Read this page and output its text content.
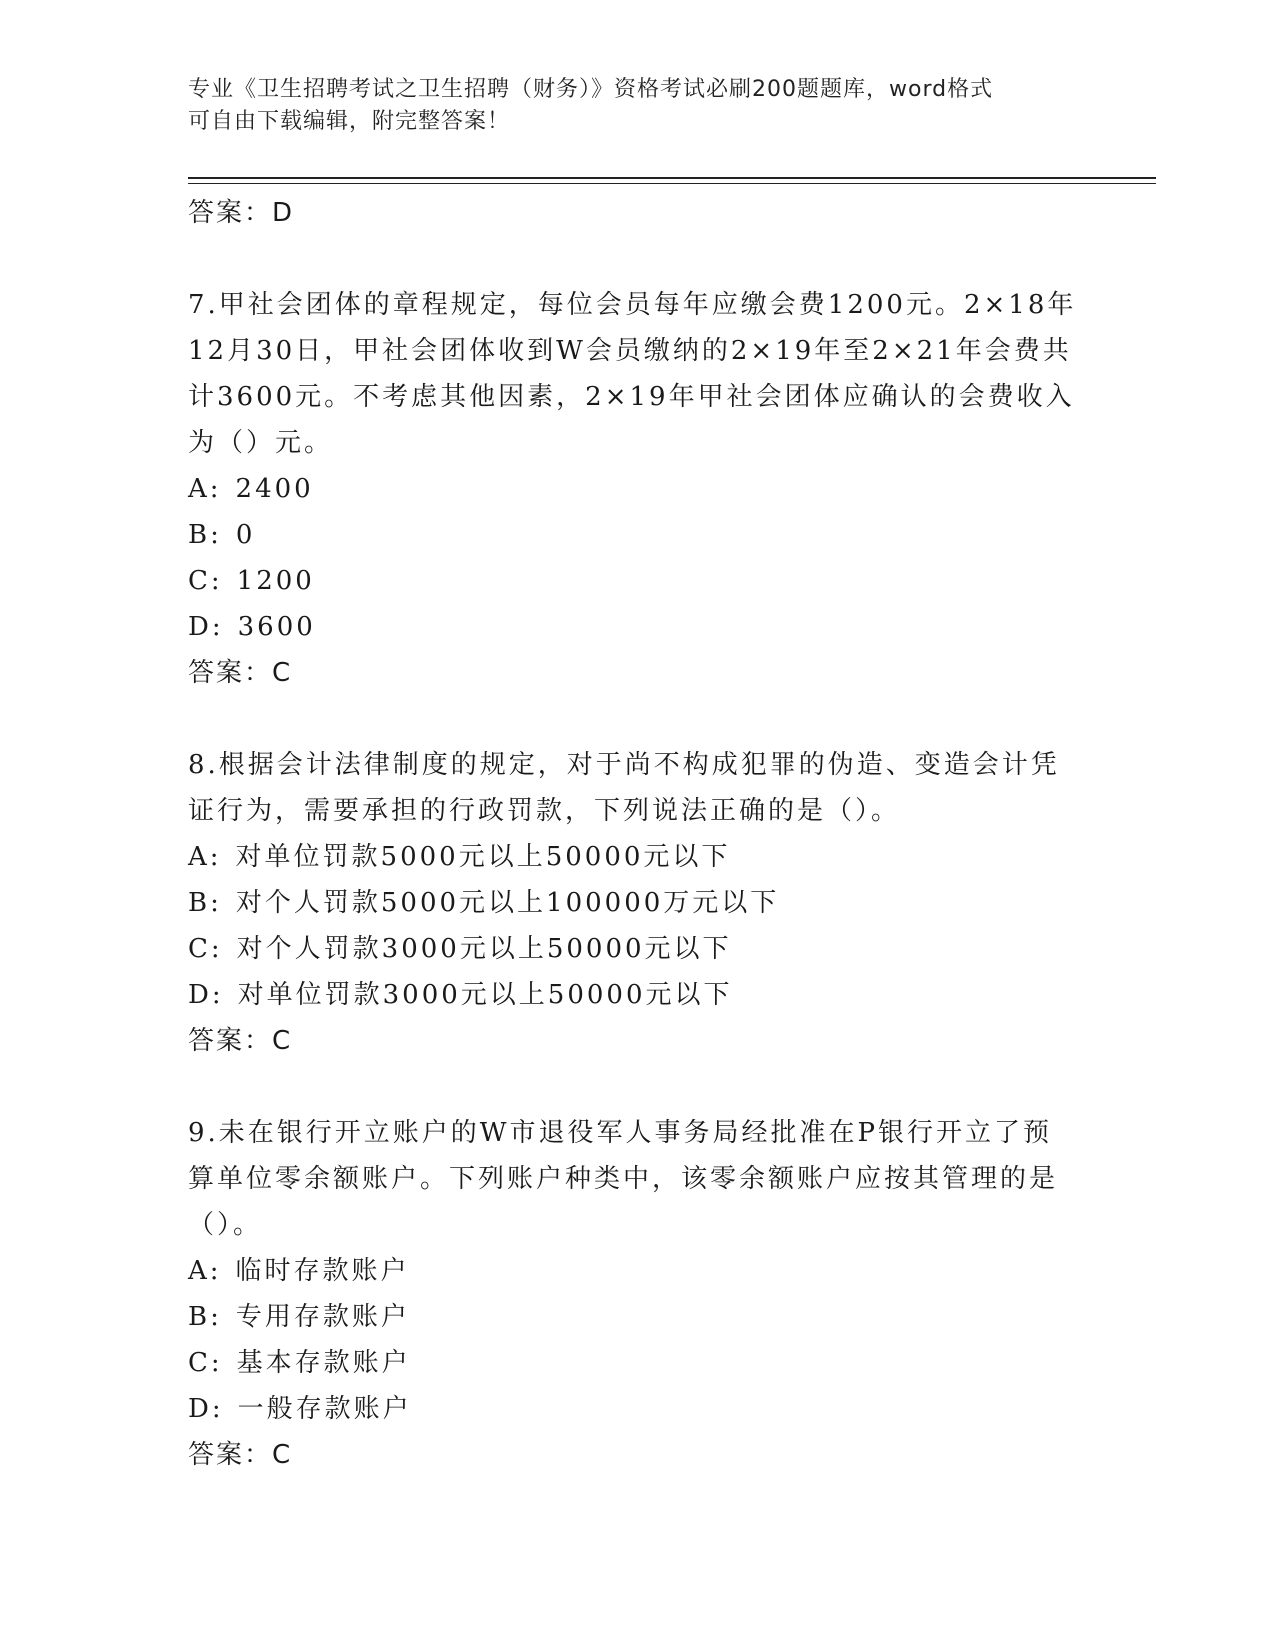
专业《卫生招聘考试之卫生招聘（财务）》资格考试必刷200题题库，word格式
可自由下载编辑，附完整答案！
答案：D
7.甲社会团体的章程规定，每位会员每年应缴会费1200元。2×18年
12月30日，甲社会团体收到W会员缴纳的2×19年至2×21年会费共
计3600元。不考虑其他因素，2×19年甲社会团体应确认的会费收入
为（）元。
A: 2400
B: 0
C: 1200
D: 3600
答案：C
8.根据会计法律制度的规定，对于尚不构成犯罪的伪造、变造会计凭
证行为，需要承担的行政罚款，下列说法正确的是（）。
A: 对单位罚款5000元以上50000元以下
B: 对个人罚款5000元以上100000万元以下
C: 对个人罚款3000元以上50000元以下
D: 对单位罚款3000元以上50000元以下
答案：C
9.未在银行开立账户的W市退役军人事务局经批准在P银行开立了预
算单位零余额账户。下列账户种类中，该零余额账户应按其管理的是
（）。
A: 临时存款账户
B: 专用存款账户
C: 基本存款账户
D: 一般存款账户
答案：C
